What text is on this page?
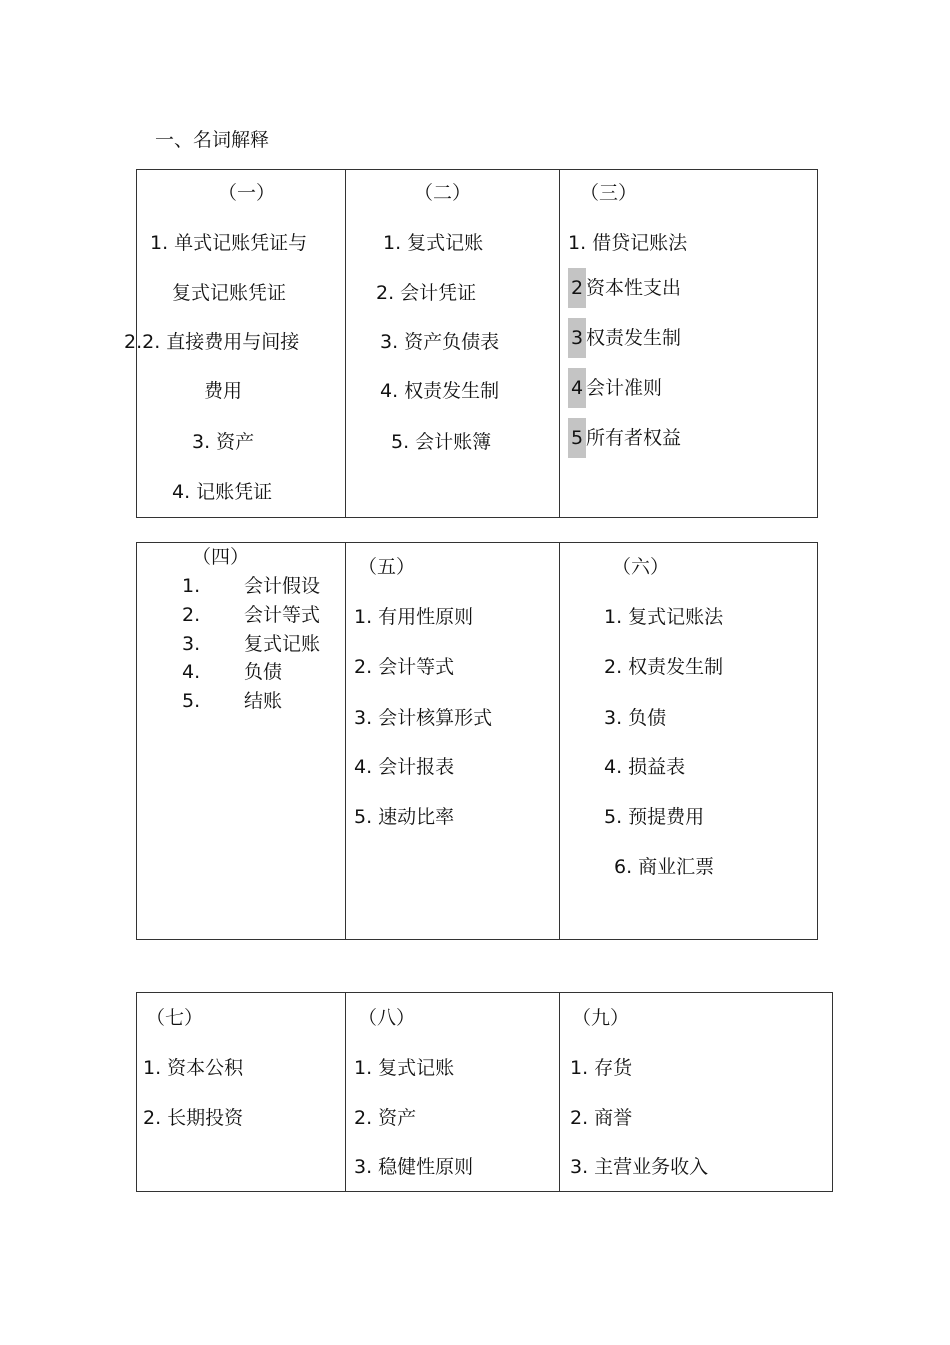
一、名词解释
（一）
1. 单式记账凭证与
复式记账凭证
2.2. 直接费用与间接
费用
3. 资产
4. 记账凭证
（二）
1. 复式记账
2. 会计凭证
3. 资产负债表
4. 权责发生制
5. 会计账簿
（三）
1. 借贷记账法
2 资本性支出
3 权责发生制
4 会计准则
5 所有者权益
（四）
1. 会计假设
2. 会计等式
3. 复式记账
4. 负债
5. 结账
（五）
1. 有用性原则
2. 会计等式
3. 会计核算形式
4. 会计报表
5. 速动比率
（六）
1. 复式记账法
2. 权责发生制
3. 负债
4. 损益表
5. 预提费用
6. 商业汇票
（七）
1. 资本公积
2. 长期投资
（八）
1. 复式记账
2. 资产
3. 稳健性原则
（九）
1. 存货
2. 商誉
3. 主营业务收入
